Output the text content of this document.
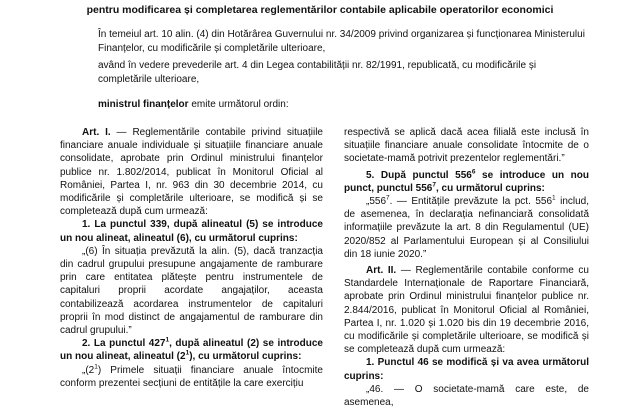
pentru modificarea și completarea reglementărilor contabile aplicabile operatorilor economici

În temeiul art. 10 alin. (4) din Hotărârea Guvernului nr. 34/2009 privind organizarea și funcționarea Ministerului Finanțelor, cu modificările și completările ulterioare,

având în vedere prevederile art. 4 din Legea contabilității nr. 82/1991, republicată, cu modificările și completările ulterioare,

ministrul finanțelor emite următorul ordin:

Art. I. — Reglementările contabile privind situațiile financiare anuale individuale și situațiile financiare anuale consolidate, aprobate prin Ordinul ministrului finanțelor publice nr. 1.802/2014, publicat în Monitorul Oficial al României, Partea I, nr. 963 din 30 decembrie 2014, cu modificările și completările ulterioare, se modifică și se completează după cum urmează:

1. La punctul 339, după alineatul (5) se introduce un nou alineat, alineatul (6), cu următorul cuprins:

„(6) În situația prevăzută la alin. (5), dacă tranzacția din cadrul grupului presupune angajamente de ramburare prin care entitatea plătește pentru instrumentele de capitaluri proprii acordate angajaților, aceasta contabilizează acordarea instrumentelor de capitaluri proprii în mod distinct de angajamentul de ramburare din cadrul grupului.”

2. La punctul $427^1$, după alineatul (2) se introduce un nou alineat, alineatul $(2^1)$, cu următorul cuprins:

$„(2^1)$ Primele situații financiare anuale întocmite conform prezentei secțiuni de entitățile la care exercițiu

respectivă se aplică dacă acea filială este inclusă în situațiile financiare anuale consolidate întocmite de o societate-mamă potrivit prezentelor reglementări.”

5. După punctul $556^6$ se introduce un nou punct, punctul $556^7$, cu următorul cuprins:

$„556^7$. — Entitățile prevăzute la pct. $556^1$ includ, de asemenea, în declarația nefinanciară consolidată informațiile prevăzute la art. 8 din Regulamentul (UE) 2020/852 al Parlamentului European și al Consiliului din 18 iunie 2020.”

Art. II. — Reglementările contabile conforme cu Standardele Internaționale de Raportare Financiară, aprobate prin Ordinul ministrului finanțelor publice nr. 2.844/2016, publicat în Monitorul Oficial al României, Partea I, nr. 1.020 și 1.020 bis din 19 decembrie 2016, cu modificările și completările ulterioare, se modifică și se completează după cum urmează:

1. Punctul 46 se modifică și va avea următorul cuprins:

„46. — O societate-mamă care este, de asemenea,
